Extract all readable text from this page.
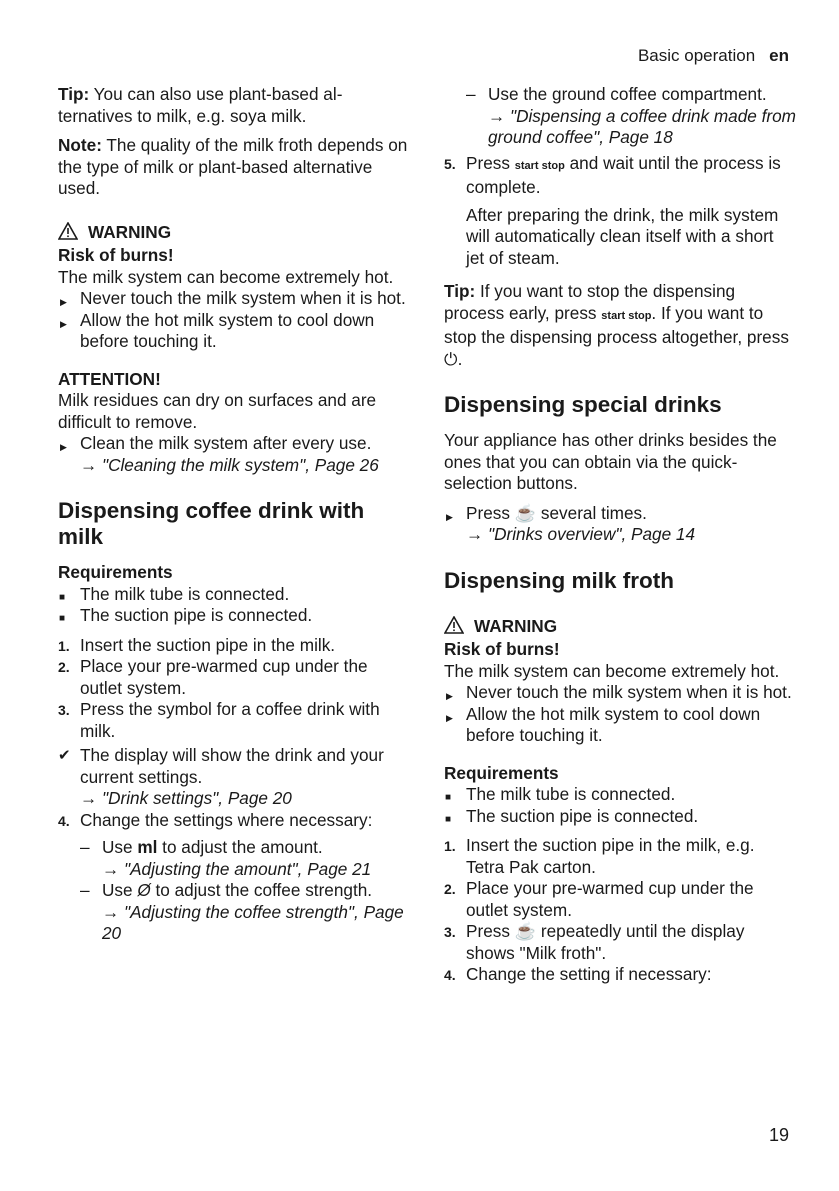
Basic operation en

Tip: You can also use plant-based alternatives to milk, e.g. soya milk.

Note: The quality of the milk froth depends on the type of milk or plant-based alternative used.

WARNING
Risk of burns!
The milk system can become extremely hot.
▶ Never touch the milk system when it is hot.
▶ Allow the hot milk system to cool down before touching it.
ATTENTION!
Milk residues can dry on surfaces and are difficult to remove.
▶ Clean the milk system after every use.
→ "Cleaning the milk system", Page 26
Dispensing coffee drink with milk
Requirements
■ The milk tube is connected.
■ The suction pipe is connected.
1. Insert the suction pipe in the milk.
2. Place your pre-warmed cup under the outlet system.
3. Press the symbol for a coffee drink with milk.
✔ The display will show the drink and your current settings.
→ "Drink settings", Page 20
4. Change the settings where necessary:
– Use ml to adjust the amount.
→ "Adjusting the amount", Page 21
– Use Ø to adjust the coffee strength.
→ "Adjusting the coffee strength", Page 20
– Use the ground coffee compartment.
→ "Dispensing a coffee drink made from ground coffee", Page 18
5. Press start stop and wait until the process is complete.
After preparing the drink, the milk system will automatically clean itself with a short jet of steam.

Tip: If you want to stop the dispensing process early, press start stop. If you want to stop the dispensing process altogether, press ⏻.

Dispensing special drinks

Your appliance has other drinks besides the ones that you can obtain via the quick-selection buttons.

▶ Press ☕ several times.
→ "Drinks overview", Page 14
Dispensing milk froth
WARNING
Risk of burns!
The milk system can become extremely hot.
▶ Never touch the milk system when it is hot.
▶ Allow the hot milk system to cool down before touching it.
Requirements
■ The milk tube is connected.
■ The suction pipe is connected.
1. Insert the suction pipe in the milk, e.g. Tetra Pak carton.
2. Place your pre-warmed cup under the outlet system.
3. Press ☕ repeatedly until the display shows "Milk froth".
4. Change the setting if necessary:
19
